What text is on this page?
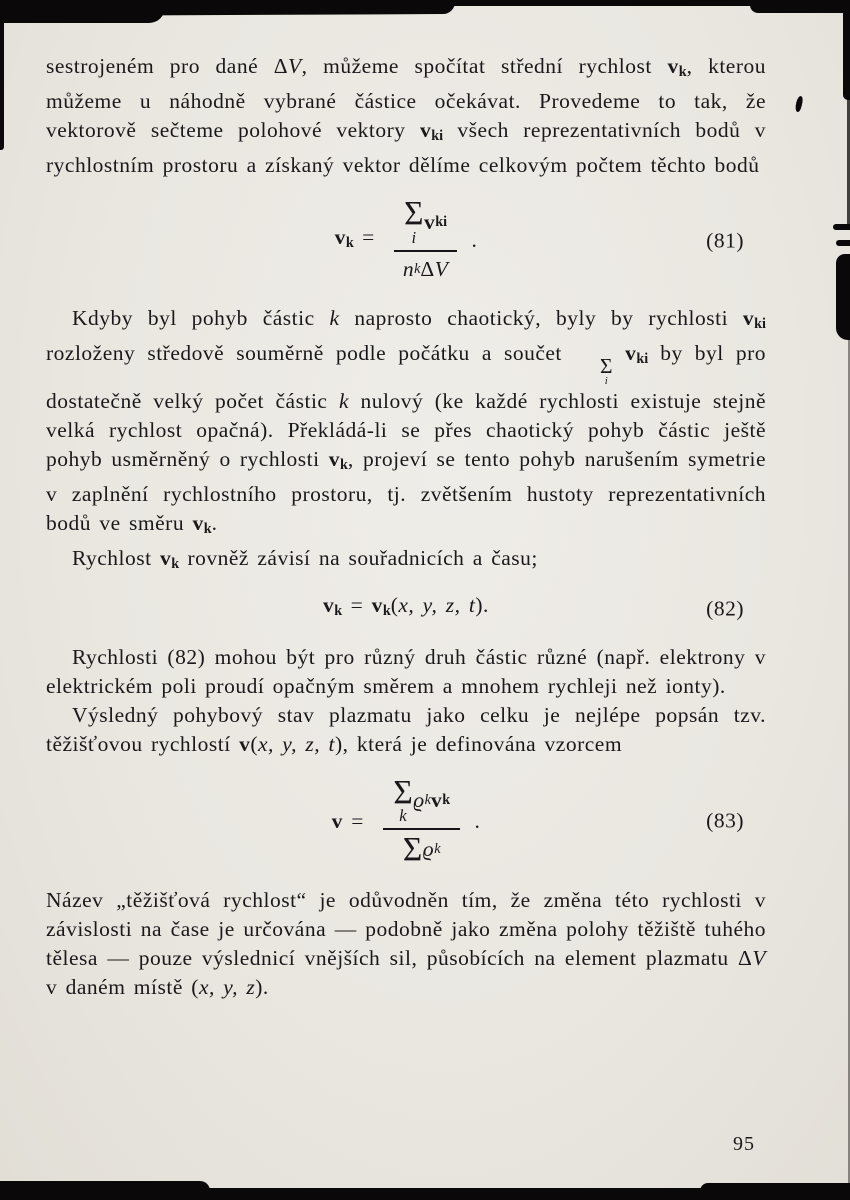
sestrojeném pro dané ΔV, můžeme spočítat střední rychlost $v_k$, kterou můžeme u náhodně vybrané částice očekávat. Provedeme to tak, že vektorově sečteme polohové vektory $v_{ki}$ všech reprezentativních bodů v rychlostním prostoru a získaný vektor dělíme celkovým počtem těchto bodů

$v_k = \Sigma$
i
v ki
n k Δ V .	(81)

Kdyby byl pohyb částic k naprosto chaotický, byly by rychlosti $v_{ki}$ rozloženy středově souměrně podle počátku a součet
Σ
i
$v_{ki}$ by byl pro dostatečně velký počet částic k nulový (ke každé rychlosti existuje stejně velká rychlost opačná). Překládá-li se přes chaotický pohyb částic ještě pohyb usměrněný o rychlosti $v_k$, projeví se tento pohyb narušením symetrie v zaplnění rychlostního prostoru, tj. zvětšením hustoty reprezentativních bodů ve směru $v_k$.

Rychlost $v_k$ rovněž závisí na souřadnicích a času;

$v_k = v_k(x$, y, z, t).	(82)

Rychlosti (82) mohou být pro různý druh částic různé (např. elektrony v elektrickém poli proudí opačným směrem a mnohem rychleji než ionty).

Výsledný pohybový stav plazmatu jako celku je nejlépe popsán tzv. těžišťovou rychlostí v(x, y, z, t), která je definována vzorcem

v = Σ
k
ϱ k v k
Σ ϱ k .	(83)

Název „těžišťová rychlost“ je odůvodněn tím, že změna této rychlosti v závislosti na čase je určována — podobně jako změna polohy těžiště tuhého tělesa — pouze výslednicí vnějších sil, působících na element plazmatu ΔV v daném místě (x, y, z).

95
